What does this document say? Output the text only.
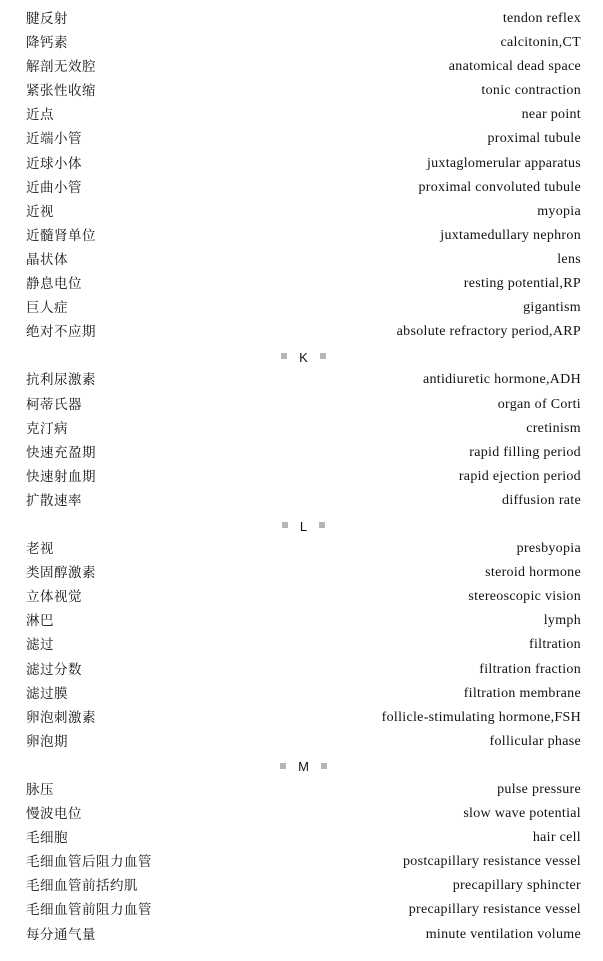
腱反射	tendon reflex
降钙素	calcitonin,CT
解剖无效腔	anatomical dead space
紧张性收缩	tonic contraction
近点	near point
近端小管	proximal tubule
近球小体	juxtaglomerular apparatus
近曲小管	proximal convoluted tubule
近视	myopia
近髓肾单位	juxtamedullary nephron
晶状体	lens
静息电位	resting potential,RP
巨人症	gigantism
绝对不应期	absolute refractory period,ARP
K
抗利尿激素	antidiuretic hormone,ADH
柯蒂氏器	organ of Corti
克汀病	cretinism
快速充盈期	rapid filling period
快速射血期	rapid ejection period
扩散速率	diffusion rate
L
老视	presbyopia
类固醇激素	steroid hormone
立体视觉	stereoscopic vision
淋巴	lymph
滤过	filtration
滤过分数	filtration fraction
滤过膜	filtration membrane
卵泡刺激素	follicle-stimulating hormone,FSH
卵泡期	follicular phase
M
脉压	pulse pressure
慢波电位	slow wave potential
毛细胞	hair cell
毛细血管后阻力血管	postcapillary resistance vessel
毛细血管前括约肌	precapillary sphincter
毛细血管前阻力血管	precapillary resistance vessel
每分通气量	minute ventilation volume
